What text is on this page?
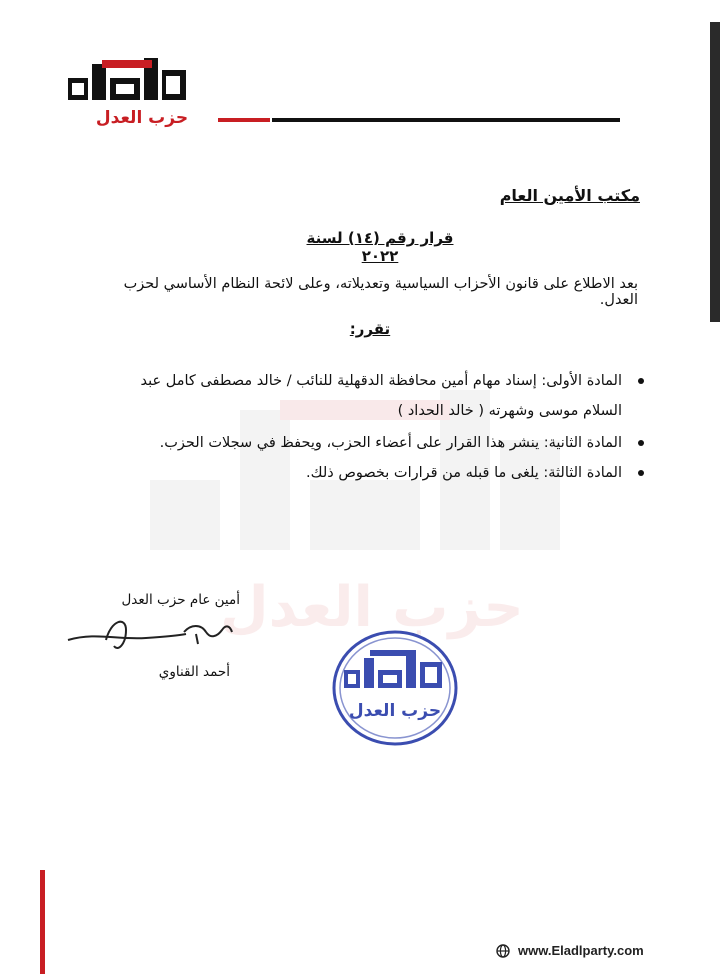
حزب العدل
حزب العدل
مكتب الأمين العام
قرار رقم (١٤) لسنة ٢٠٢٢
بعد الاطلاع على قانون الأحزاب السياسية وتعديلاته، وعلى لائحة النظام الأساسي لحزب العدل.
تقرر:
المادة الأولى: إسناد مهام أمين محافظة الدقهلية للنائب / خالد مصطفى كامل عبد السلام موسى وشهرته ( خالد الحداد )
المادة الثانية: ينشر هذا القرار على أعضاء الحزب، ويحفظ في سجلات الحزب.
المادة الثالثة: يلغى ما قبله من قرارات بخصوص ذلك.
أمين عام حزب العدل
أحمد القناوي
حزب العدل
www.Eladlparty.com
